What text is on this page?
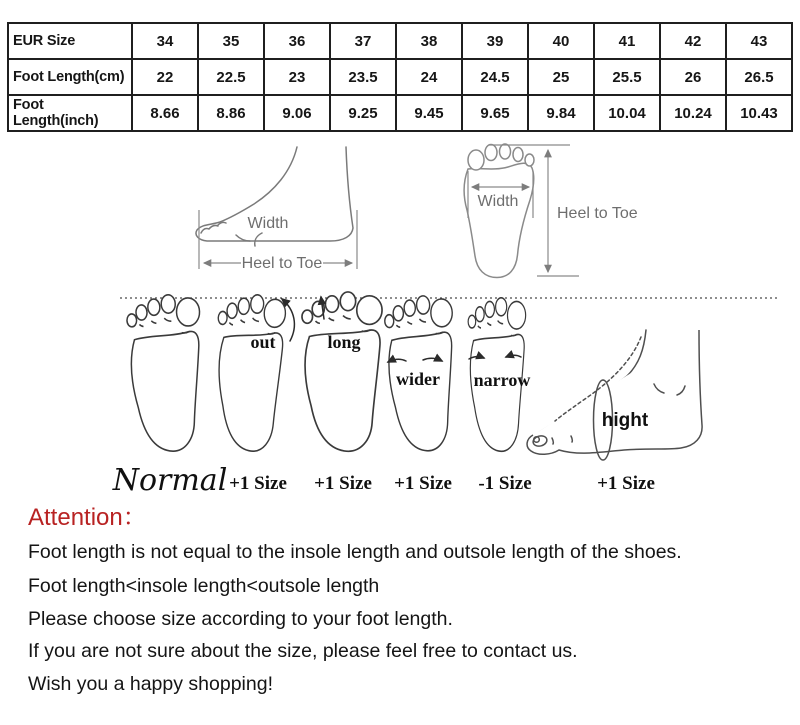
EUR Size	34	35	36	37	38	39	40	41	42	43
Foot Length(cm)	22	22.5	23	23.5	24	24.5	25	25.5	26	26.5
Foot Length(inch)	8.66	8.86	9.06	9.25	9.45	9.65	9.84	10.04	10.24	10.43
Width
Heel to Toe
Width
Heel to Toe
out	long
wider narrow
hight
Normal +1 Size +1 Size +1 Size -1 Size	+1 Size
Attention：

Foot length is not equal to the insole length and outsole length of the shoes.

Foot length<insole length<outsole length

Please choose size according to your foot length.

If you are not sure about the size, please feel free to contact us.

Wish you a happy shopping!
